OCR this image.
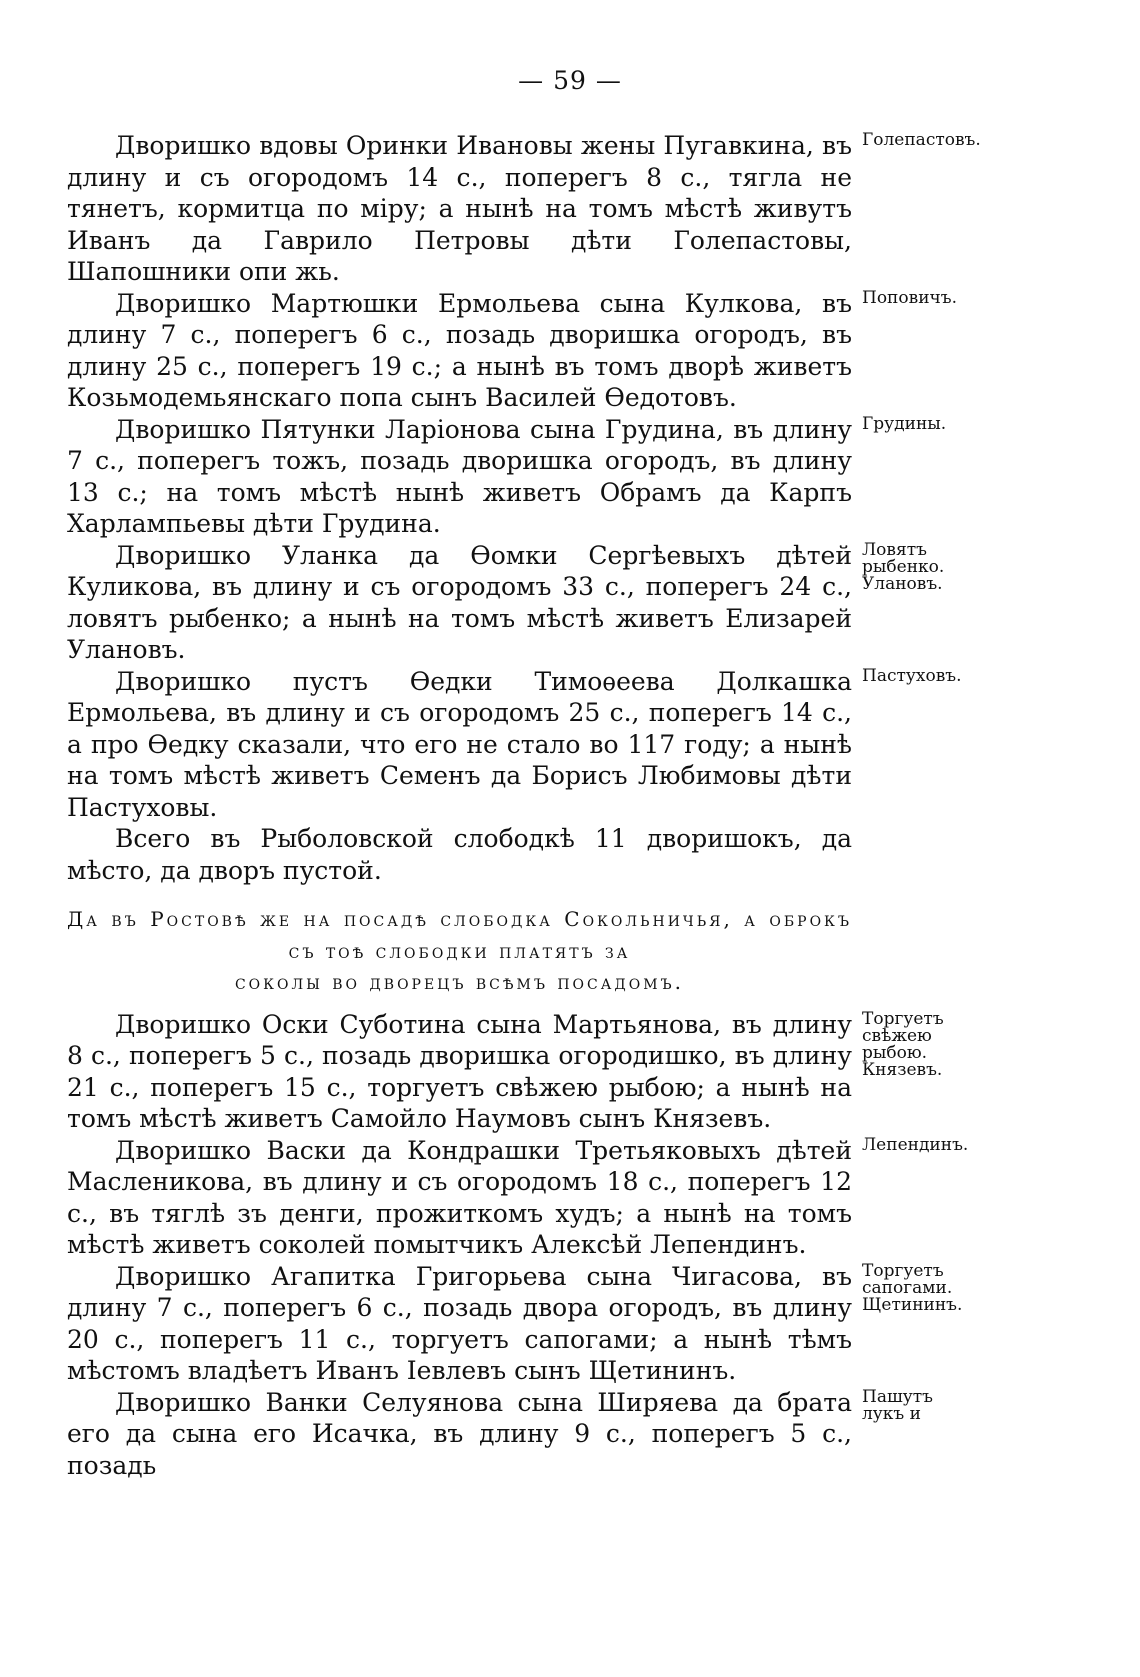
— 59 —

Дворишко вдовы Оринки Ивановы жены Пугавкина, въ длину и съ огородомъ 14 с., поперегъ 8 с., тягла не тянетъ, кормитца по міру; а нынѣ на томъ мѣстѣ живутъ Иванъ да Гаврило Петровы дѣти Голепастовы, Шапошники опи жь.
Голепастовъ.

Дворишко Мартюшки Ермольева сына Кулкова, въ длину 7 с., поперегъ 6 с., позадь дворишка огородъ, въ длину 25 с., поперегъ 19 с.; а нынѣ въ томъ дворѣ живетъ Козьмодемьянскаго попа сынъ Василей Ѳедотовъ.
Поповичъ.

Дворишко Пятунки Ларіонова сына Грудина, въ длину 7 с., поперегъ тожъ, позадь дворишка огородъ, въ длину 13 с.; на томъ мѣстѣ нынѣ живетъ Обрамъ да Карпъ Харлампьевы дѣти Грудина.
Грудины.

Дворишко Уланка да Ѳомки Сергѣевыхъ дѣтей Куликова, въ длину и съ огородомъ 33 с., поперегъ 24 с., ловятъ рыбенко; а нынѣ на томъ мѣстѣ живетъ Елизарей Улановъ.
Ловятъ рыбенко. Улановъ.

Дворишко пустъ Ѳедки Тимоѳеева Долкашка Ермольева, въ длину и съ огородомъ 25 с., поперегъ 14 с., а про Ѳедку сказали, что его не стало во 117 году; а нынѣ на томъ мѣстѣ живетъ Семенъ да Борисъ Любимовы дѣти Пастуховы.
Пастуховъ.

Всего въ Рыболовской слободкѣ 11 дворишокъ, да мѣсто, да дворъ пустой.

Да въ Ростовѣ же на посадѣ слободка Сокольничья, а оброкъ съ тоѣ слободки платятъ за
соколы во дворецъ всѣмъ посадомъ.

Дворишко Оски Суботина сына Мартьянова, въ длину 8 с., поперегъ 5 с., позадь дворишка огородишко, въ длину 21 с., поперегъ 15 с., торгуетъ свѣжею рыбою; а нынѣ на томъ мѣстѣ живетъ Самойло Наумовъ сынъ Князевъ.
Торгуетъ свѣжею рыбою. Князевъ.

Дворишко Васки да Кондрашки Третьяковыхъ дѣтей Масленикова, въ длину и съ огородомъ 18 с., поперегъ 12 с., въ тяглѣ зъ денги, прожиткомъ худъ; а нынѣ на томъ мѣстѣ живетъ соколей помытчикъ Алексѣй Лепендинъ.
Лепендинъ.

Дворишко Агапитка Григорьева сына Чигасова, въ длину 7 с., поперегъ 6 с., позадь двора огородъ, въ длину 20 с., поперегъ 11 с., торгуетъ сапогами; а нынѣ тѣмъ мѣстомъ владѣетъ Иванъ Іевлевъ сынъ Щетининъ.
Торгуетъ сапогами. Щетининъ.

Дворишко Ванки Селуянова сына Ширяева да брата его да сына его Исачка, въ длину 9 с., поперегъ 5 с., позадь
Пашутъ лукъ и
